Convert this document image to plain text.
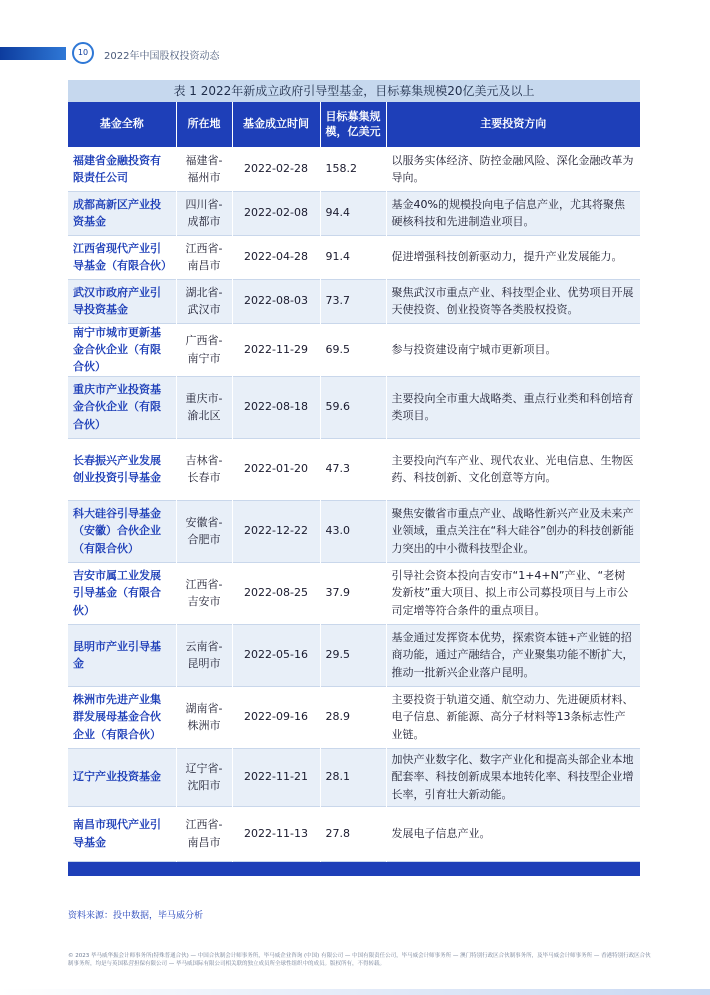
10	2022年中国股权投资动态
表 1 2022年新成立政府引导型基金，目标募集规模20亿美元及以上
基金全称	所在地	基金成立时间	目标募集规模，亿美元	主要投资方向
福建省金融投资有限责任公司	福建省-福州市	2022-02-28	158.2	以服务实体经济、防控金融风险、深化金融改革为导向。
成都高新区产业投资基金	四川省-成都市	2022-02-08	94.4	基金40%的规模投向电子信息产业，尤其将聚焦硬核科技和先进制造业项目。
江西省现代产业引导基金（有限合伙）	江西省-南昌市	2022-04-28	91.4	促进增强科技创新驱动力，提升产业发展能力。
武汉市政府产业引导投资基金	湖北省-武汉市	2022-08-03	73.7	聚焦武汉市重点产业、科技型企业、优势项目开展天使投资、创业投资等各类股权投资。
南宁市城市更新基金合伙企业（有限合伙）	广西省-南宁市	2022-11-29	69.5	参与投资建设南宁城市更新项目。
重庆市产业投资基金合伙企业（有限合伙）	重庆市-渝北区	2022-08-18	59.6	主要投向全市重大战略类、重点行业类和科创培育类项目。
长春振兴产业发展创业投资引导基金	吉林省-长春市	2022-01-20	47.3	主要投向汽车产业、现代农业、光电信息、生物医药、科技创新、文化创意等方向。
科大硅谷引导基金（安徽）合伙企业（有限合伙）	安徽省-合肥市	2022-12-22	43.0	聚焦安徽省市重点产业、战略性新兴产业及未来产业领域，重点关注在“科大硅谷”创办的科技创新能力突出的中小微科技型企业。
吉安市属工业发展引导基金（有限合伙）	江西省-吉安市	2022-08-25	37.9	引导社会资本投向吉安市“1+4+N”产业、“老树发新枝”重大项目、拟上市公司募投项目与上市公司定增等符合条件的重点项目。
昆明市产业引导基金	云南省-昆明市	2022-05-16	29.5	基金通过发挥资本优势，探索资本链+产业链的招商功能，通过产融结合，产业聚集功能不断扩大，推动一批新兴企业落户昆明。
株洲市先进产业集群发展母基金合伙企业（有限合伙）	湖南省-株洲市	2022-09-16	28.9	主要投资于轨道交通、航空动力、先进硬质材料、电子信息、新能源、高分子材料等13条标志性产业链。
辽宁产业投资基金	辽宁省-沈阳市	2022-11-21	28.1	加快产业数字化、数字产业化和提高头部企业本地配套率、科技创新成果本地转化率、科技型企业增长率，引育壮大新动能。
南昌市现代产业引导基金	江西省-南昌市	2022-11-13	27.8	发展电子信息产业。
资料来源：投中数据，毕马威分析
© 2023 毕马威华振会计师事务所(特殊普通合伙) — 中国合伙制会计师事务所，毕马威企业咨询 (中国) 有限公司 — 中国有限责任公司，毕马威会计师事务所 — 澳门特别行政区合伙制事务所，及毕马威会计师事务所 — 香港特别行政区合伙制事务所，均是与英国私营担保有限公司 — 毕马威国际有限公司相关联的独立成员所全球性组织中的成员。版权所有，不得转载。
